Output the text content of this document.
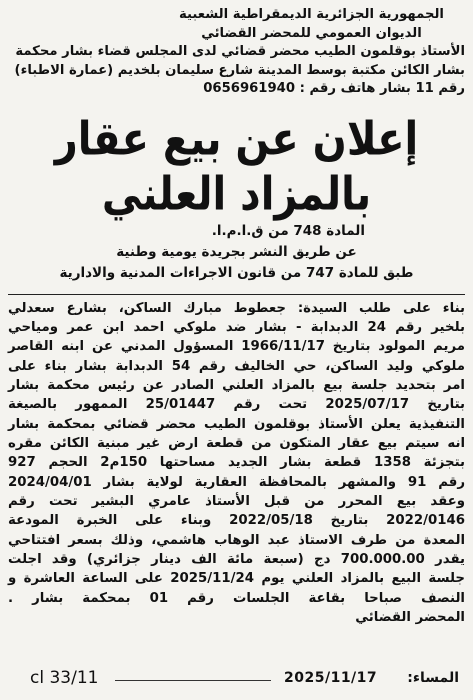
الجمهورية الجزائرية الديمقراطية الشعبية
الديوان العمومي للمحضر القضائي
الأستاذ بوقلمون الطيب محضر قضائي لدى المجلس قضاء بشار محكمة
بشار الكائن مكتبة بوسط المدينة شارع سليمان بلخديم (عمارة الاطباء)
رقم 11 بشار هاتف رقم : 0656961940
إعلان عن بيع عقار بالمزاد العلني
المادة 748 من ق.ا.م.ا.
عن طريق النشر بجريدة يومية وطنية
طبق للمادة 747 من قانون الاجراءات المدنية والادارية
بناء على طلب السيدة: جعطوط مبارك الساكن، بشارع سعدلي
بلخير رقم 24 الدبدابة - بشار ضد ملوكي احمد ابن عمر ومياحي
مريم المولود بتاريخ 1966/11/17 المسؤول المدني عن ابنه القاصر
ملوكي وليد الساكن، حي الخاليف رقم 54 الدبدابة بشار بناء على
امر بتحديد جلسة بيع بالمزاد العلني الصادر عن رئيس محكمة بشار
بتاريخ 2025/07/17 تحت رقم 25/01447 الممهور بالصيغة
التنفيذية يعلن الأستاذ بوقلمون الطيب محضر قضائي بمحكمة بشار
انه سيتم بيع عقار المتكون من قطعة ارض غير مبنية الكائن مقره
بتجزئة 1358 قطعة بشار الجديد مساحتها 150م2 الحجم 927
رقم 91 والمشهر بالمحافظة العقارية لولاية بشار 2024/04/01
وعقد بيع المحرر من قبل الأستاذ عامري البشير تحت رقم
2022/0146 بتاريخ 2022/05/18 وبناء على الخبرة المودعة
المعدة من طرف الاستاذ عبد الوهاب هاشمي، وذلك بسعر افتتاحي
يقدر 700.000.00 دج (سبعة مائة الف دينار جزائري) وقد اجلت
جلسة البيع بالمزاد العلني يوم 2025/11/24 على الساعة العاشرة و
النصف صباحا بقاعة الجلسات رقم 01 بمحكمة بشار .
المحضر القضائي
cl 33/11	2025/11/17 المساء:
